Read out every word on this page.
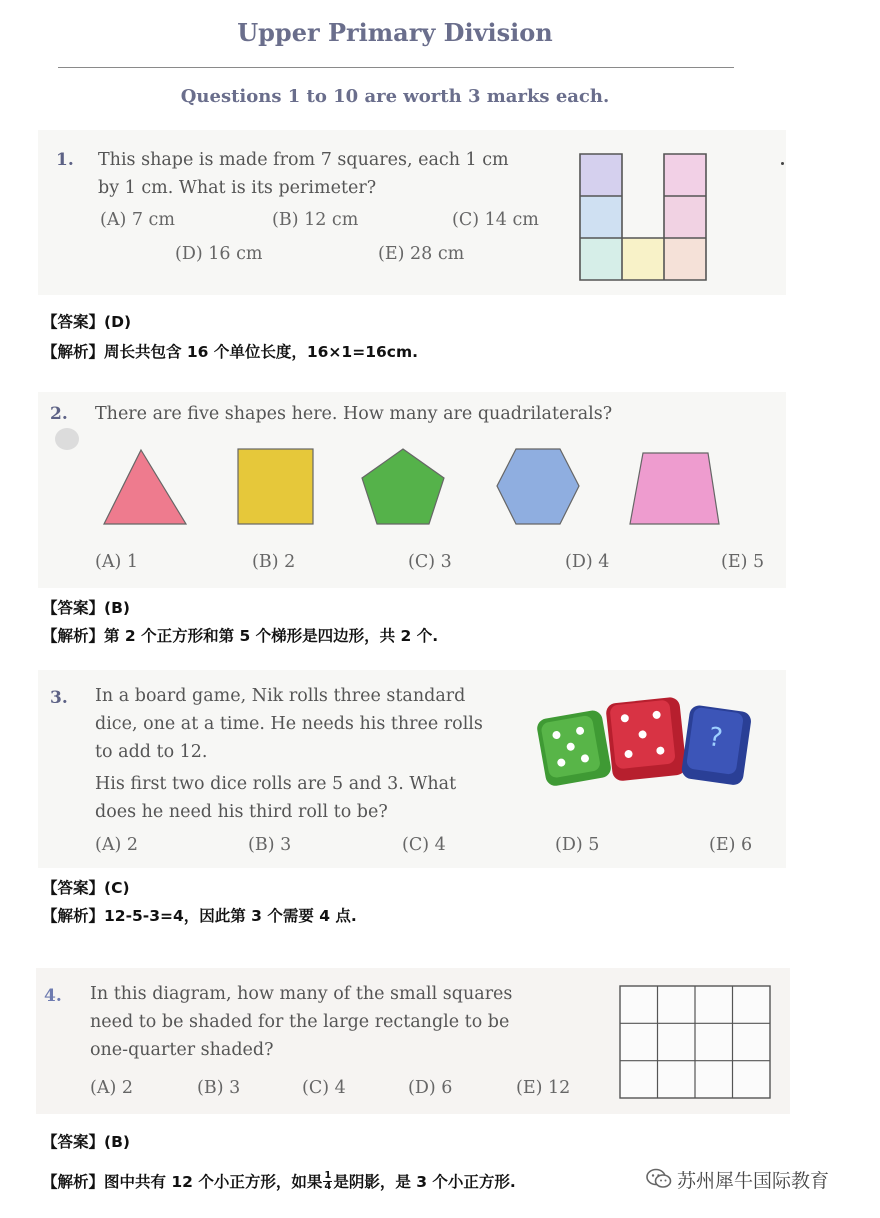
Upper Primary Division
Questions 1 to 10 are worth 3 marks each.
1. This shape is made from 7 squares, each 1 cm
by 1 cm. What is its perimeter?
(A) 7 cm	(B) 12 cm	(C) 14 cm
(D) 16 cm	(E) 28 cm
【答案】(D)
【解析】周长共包含 16 个单位长度，16×1=16cm.
2. There are five shapes here. How many are quadrilaterals?
(A) 1	(B) 2	(C) 3	(D) 4	(E) 5
【答案】(B)
【解析】第 2 个正方形和第 5 个梯形是四边形，共 2 个.
3. In a board game, Nik rolls three standard
dice, one at a time. He needs his three rolls
to add to 12.
His first two dice rolls are 5 and 3. What
does he need his third roll to be?
?
(A) 2	(B) 3	(C) 4	(D) 5	(E) 6
【答案】(C)
【解析】12-5-3=4，因此第 3 个需要 4 点.
4. In this diagram, how many of the small squares
need to be shaded for the large rectangle to be
one-quarter shaded?
(A) 2	(B) 3	(C) 4	(D) 6	(E) 12
【答案】(B)
【解析】图中共有 12 个小正方形，如果 $\frac{1}{4}$ 是阴影，是 3 个小正方形.	苏州犀牛国际教育
